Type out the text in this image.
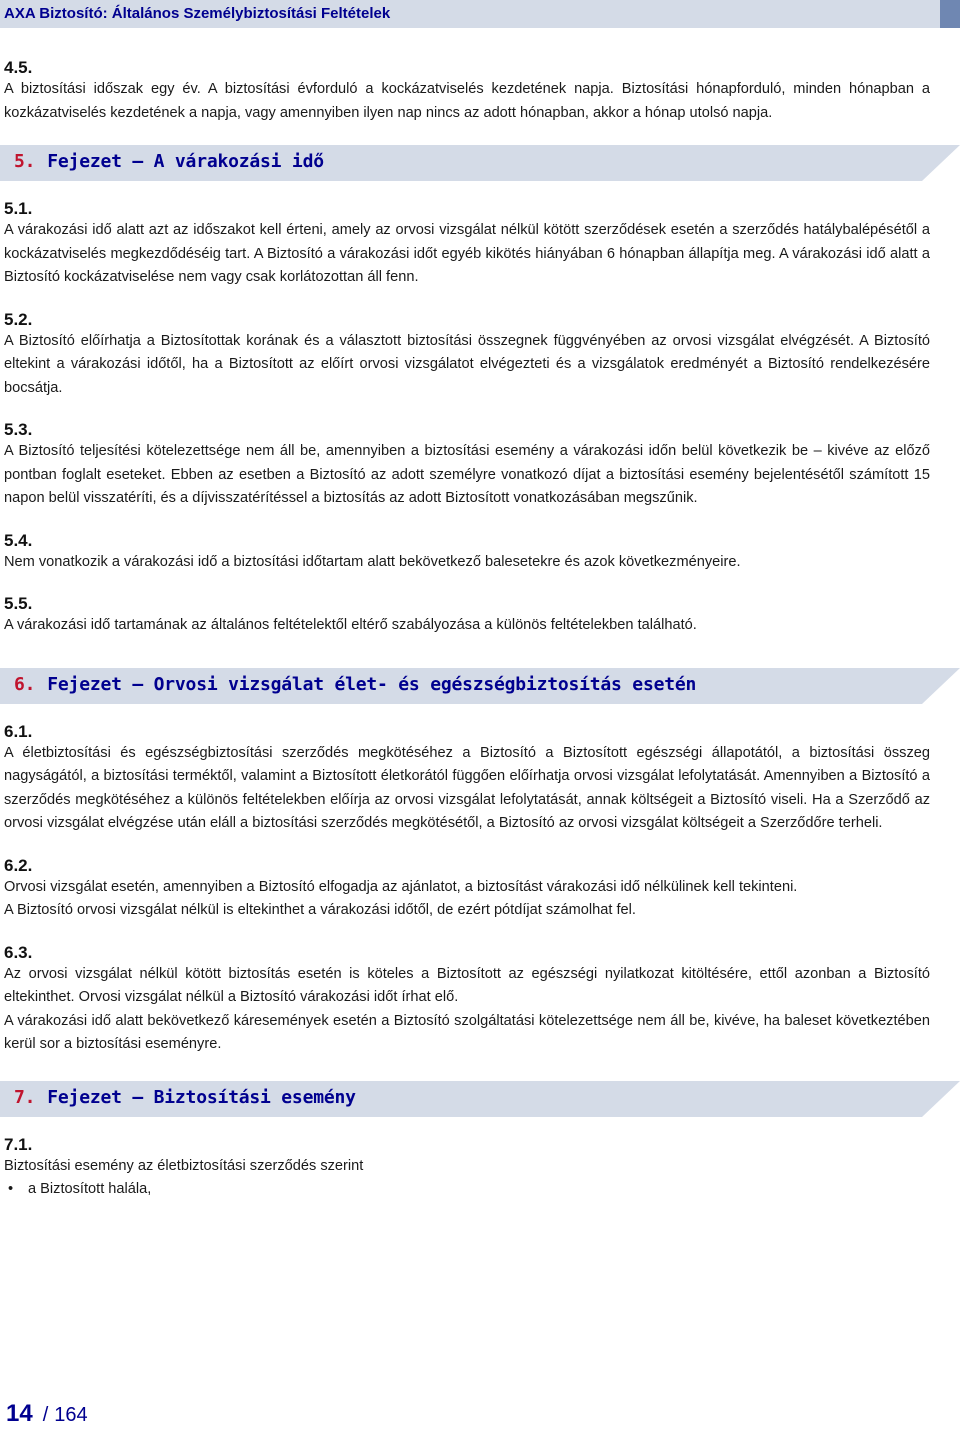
AXA Biztosító: Általános Személybiztosítási Feltételek

4.5.

A biztosítási időszak egy év. A biztosítási évforduló a kockázatviselés kezdetének napja. Biztosítási hónapforduló, minden hónapban a kozkázatviselés kezdetének a napja, vagy amennyiben ilyen nap nincs az adott hónapban, akkor a hónap utolsó napja.

5. Fejezet – A várakozási idő

5.1.

A várakozási idő alatt azt az időszakot kell érteni, amely az orvosi vizsgálat nélkül kötött szerződések esetén a szerződés hatálybalépésétől a kockázatviselés megkezdődéséig tart. A Biztosító a várakozási időt egyéb kikötés hiányában 6 hónapban állapítja meg. A várakozási idő alatt a Biztosító kockázatviselése nem vagy csak korlátozottan áll fenn.

5.2.

A Biztosító előírhatja a Biztosítottak korának és a választott biztosítási összegnek függvényében az orvosi vizsgálat elvégzését. A Biztosító eltekint a várakozási időtől, ha a Biztosított az előírt orvosi vizsgálatot elvégezteti és a vizsgálatok eredményét a Biztosító rendelkezésére bocsátja.

5.3.

A Biztosító teljesítési kötelezettsége nem áll be, amennyiben a biztosítási esemény a várakozási időn belül következik be – kivéve az előző pontban foglalt eseteket. Ebben az esetben a Biztosító az adott személyre vonatkozó díjat a biztosítási esemény bejelentésétől számított 15 napon belül visszatéríti, és a díjvisszatérítéssel a biztosítás az adott Biztosított vonatkozásában megszűnik.

5.4.

Nem vonatkozik a várakozási idő a biztosítási időtartam alatt bekövetkező balesetekre és azok következményeire.

5.5.

A várakozási idő tartamának az általános feltételektől eltérő szabályozása a különös feltételekben található.

6. Fejezet – Orvosi vizsgálat élet- és egészségbiztosítás esetén

6.1.

A életbiztosítási és egészségbiztosítási szerződés megkötéséhez a Biztosító a Biztosított egészségi állapotától, a biztosítási összeg nagyságától, a biztosítási terméktől, valamint a Biztosított életkorától függően előírhatja orvosi vizsgálat lefolytatását. Amennyiben a Biztosító a szerződés megkötéséhez a különös feltételekben előírja az orvosi vizsgálat lefolytatását, annak költségeit a Biztosító viseli. Ha a Szerződő az orvosi vizsgálat elvégzése után eláll a biztosítási szerződés megkötésétől, a Biztosító az orvosi vizsgálat költségeit a Szerződőre terheli.

6.2.

Orvosi vizsgálat esetén, amennyiben a Biztosító elfogadja az ajánlatot, a biztosítást várakozási idő nélkülinek kell tekinteni.

A Biztosító orvosi vizsgálat nélkül is eltekinthet a várakozási időtől, de ezért pótdíjat számolhat fel.

6.3.

Az orvosi vizsgálat nélkül kötött biztosítás esetén is köteles a Biztosított az egészségi nyilatkozat kitöltésére, ettől azonban a Biztosító eltekinthet. Orvosi vizsgálat nélkül a Biztosító várakozási időt írhat elő.

A várakozási idő alatt bekövetkező káresemények esetén a Biztosító szolgáltatási kötelezettsége nem áll be, kivéve, ha baleset következtében kerül sor a biztosítási eseményre.

7. Fejezet – Biztosítási esemény

7.1.

Biztosítási esemény az életbiztosítási szerződés szerint

• a Biztosított halála,

14 / 164
